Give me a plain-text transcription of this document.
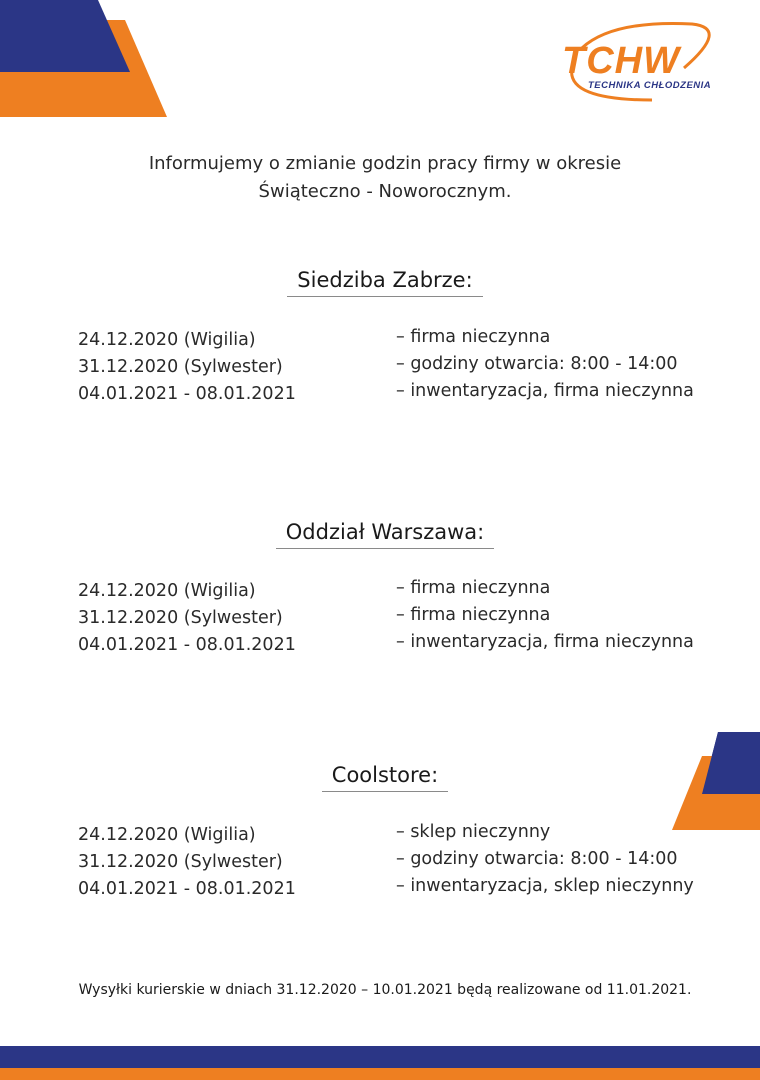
TCHW
TECHNIKA CHŁODZENIA
Informujemy o zmianie godzin pracy firmy w okresie
Świąteczno - Noworocznym.
Siedziba Zabrze:
24.12.2020 (Wigilia)	– firma nieczynna
31.12.2020 (Sylwester)	– godziny otwarcia: 8:00 - 14:00
04.01.2021 - 08.01.2021	– inwentaryzacja, firma nieczynna
Oddział Warszawa:
24.12.2020 (Wigilia)	– firma nieczynna
31.12.2020 (Sylwester)	– firma nieczynna
04.01.2021 - 08.01.2021	– inwentaryzacja, firma nieczynna
Coolstore:
24.12.2020 (Wigilia)	– sklep nieczynny
31.12.2020 (Sylwester)	– godziny otwarcia: 8:00 - 14:00
04.01.2021 - 08.01.2021	– inwentaryzacja, sklep nieczynny
Wysyłki kurierskie w dniach 31.12.2020 – 10.01.2021 będą realizowane od 11.01.2021.
